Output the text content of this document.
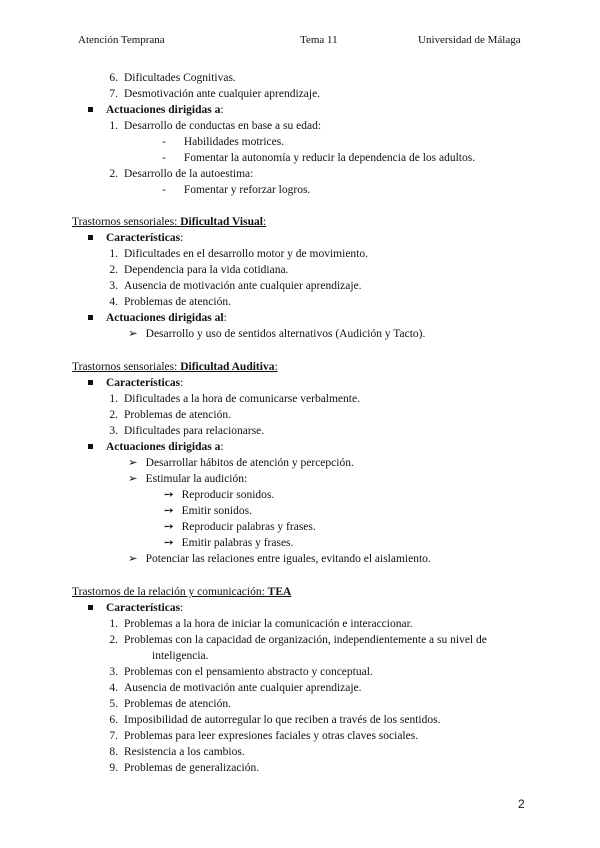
Atención Temprana	Tema 11	Universidad de Málaga
6. Dificultades Cognitivas.
7. Desmotivación ante cualquier aprendizaje.
Actuaciones dirigidas a:
1. Desarrollo de conductas en base a su edad:
- Habilidades motrices.
- Fomentar la autonomía y reducir la dependencia de los adultos.
2. Desarrollo de la autoestima:
- Fomentar y reforzar logros.
Trastornos sensoriales: Dificultad Visual:
Características:
1. Dificultades en el desarrollo motor y de movimiento.
2. Dependencia para la vida cotidiana.
3. Ausencia de motivación ante cualquier aprendizaje.
4. Problemas de atención.
Actuaciones dirigidas al:
➢ Desarrollo y uso de sentidos alternativos (Audición y Tacto).
Trastornos sensoriales: Dificultad Auditiva:
Características:
1. Dificultades a la hora de comunicarse verbalmente.
2. Problemas de atención.
3. Dificultades para relacionarse.
Actuaciones dirigidas a:
➢ Desarrollar hábitos de atención y percepción.
➢ Estimular la audición:
➙ Reproducir sonidos.
➙ Emitir sonidos.
➙ Reproducir palabras y frases.
➙ Emitir palabras y frases.
➢ Potenciar las relaciones entre iguales, evitando el aislamiento.
Trastornos de la relación y comunicación: TEA
Características:
1. Problemas a la hora de iniciar la comunicación e interaccionar.
2. Problemas con la capacidad de organización, independientemente a su nivel de
inteligencia.
3. Problemas con el pensamiento abstracto y conceptual.
4. Ausencia de motivación ante cualquier aprendizaje.
5. Problemas de atención.
6. Imposibilidad de autorregular lo que reciben a través de los sentidos.
7. Problemas para leer expresiones faciales y otras claves sociales.
8. Resistencia a los cambios.
9. Problemas de generalización.
2
